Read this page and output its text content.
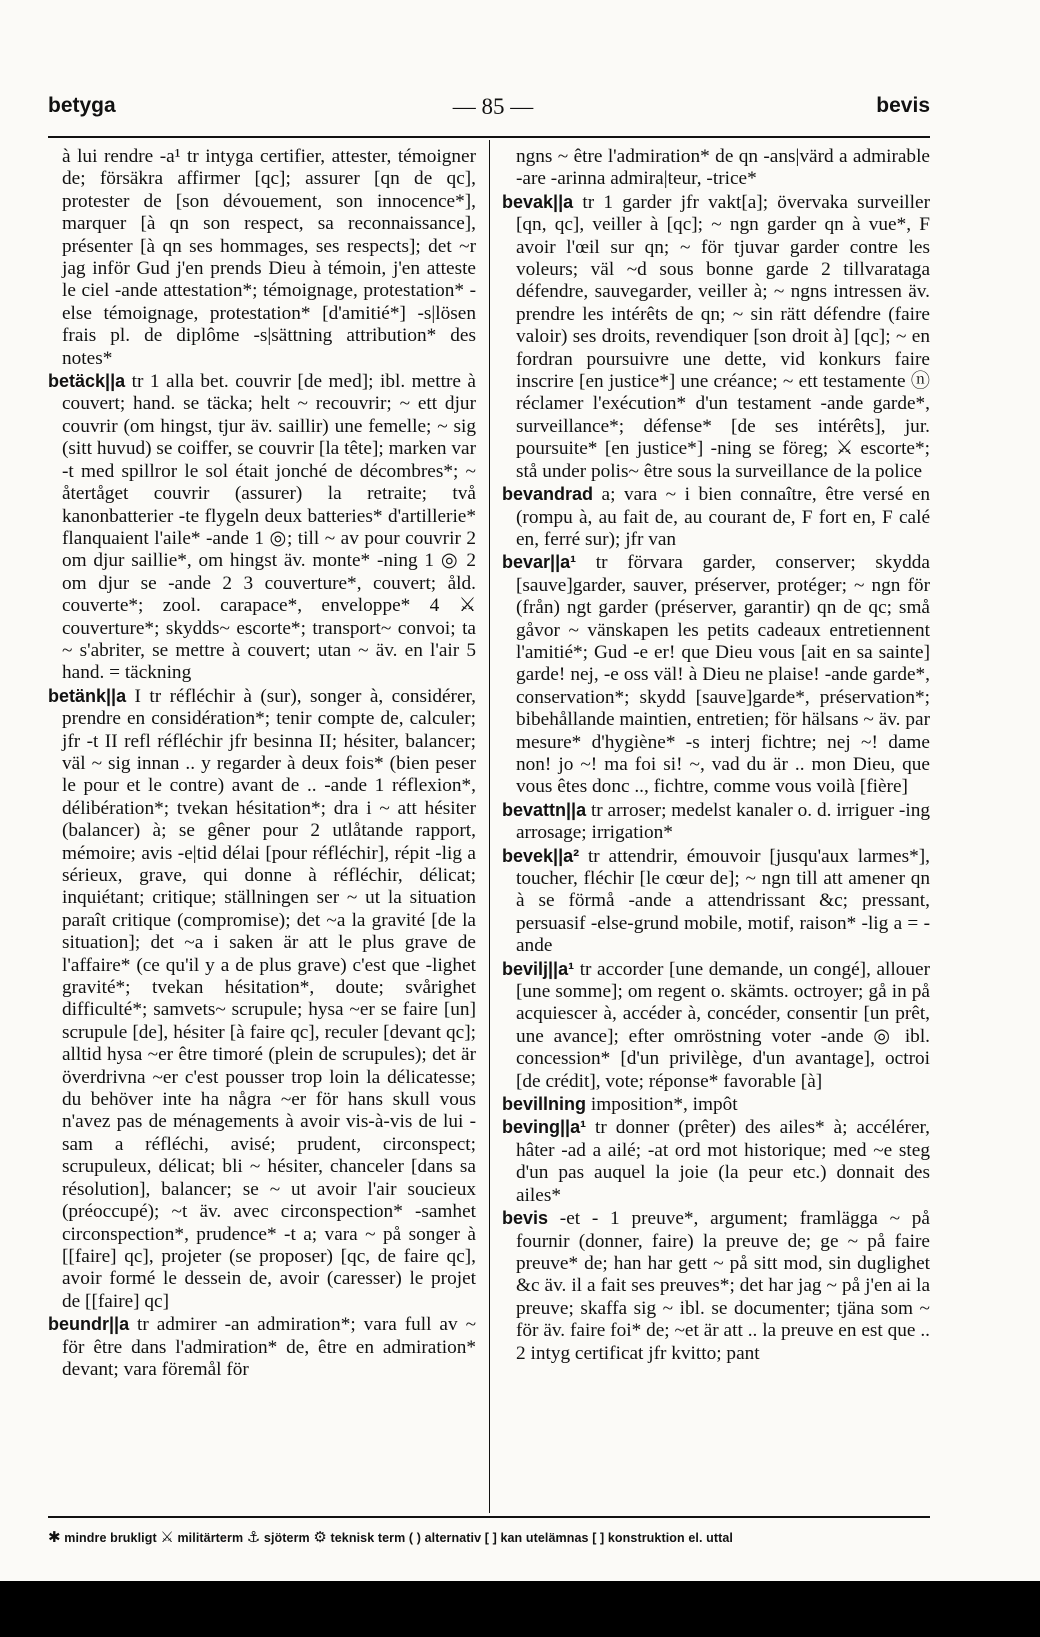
betyga	— 85 —	bevis

à lui rendre -a¹ tr intyga certifier, attester, témoigner de; försäkra affirmer [qc]; assurer [qn de qc], protester de [son dévouement, son innocence*], marquer [à qn son respect, sa reconnaissance], présenter [à qn ses hommages, ses respects]; det ~r jag inför Gud j'en prends Dieu à témoin, j'en atteste le ciel -ande attestation*; témoignage, protestation* -else témoignage, protestation* [d'amitié*] -s|lösen frais pl. de diplôme -s|sättning attribution* des notes*

betäck||a tr 1 alla bet. couvrir [de med]; ibl. mettre à couvert; hand. se täcka; helt ~ recouvrir; ~ ett djur couvrir (om hingst, tjur äv. saillir) une femelle; ~ sig (sitt huvud) se coiffer, se couvrir [la tête]; marken var -t med spillror le sol était jonché de décombres*; ~ återtåget couvrir (assurer) la retraite; två kanonbatterier -te flygeln deux batteries* d'artillerie* flanquaient l'aile* -ande 1 ◎; till ~ av pour couvrir 2 om djur saillie*, om hingst äv. monte* -ning 1 ◎ 2 om djur se -ande 2 3 couverture*, couvert; åld. couverte*; zool. carapace*, enveloppe* 4 ⚔ couverture*; skydds~ escorte*; transport~ convoi; ta ~ s'abriter, se mettre à couvert; utan ~ äv. en l'air 5 hand. = täckning

betänk||a I tr réfléchir à (sur), songer à, considérer, prendre en considération*; tenir compte de, calculer; jfr -t II refl réfléchir jfr besinna II; hésiter, balancer; väl ~ sig innan .. y regarder à deux fois* (bien peser le pour et le contre) avant de .. -ande 1 réflexion*, délibération*; tvekan hésitation*; dra i ~ att hésiter (balancer) à; se gêner pour 2 utlåtande rapport, mémoire; avis -e|tid délai [pour réfléchir], répit -lig a sérieux, grave, qui donne à réfléchir, délicat; inquiétant; critique; ställningen ser ~ ut la situation paraît critique (compromise); det ~a la gravité [de la situation]; det ~a i saken är att le plus grave de l'affaire* (ce qu'il y a de plus grave) c'est que -lighet gravité*; tvekan hésitation*, doute; svårighet difficulté*; samvets~ scrupule; hysa ~er se faire [un] scrupule [de], hésiter [à faire qc], reculer [devant qc]; alltid hysa ~er être timoré (plein de scrupules); det är överdrivna ~er c'est pousser trop loin la délicatesse; du behöver inte ha några ~er för hans skull vous n'avez pas de ménagements à avoir vis-à-vis de lui -sam a réfléchi, avisé; prudent, circonspect; scrupuleux, délicat; bli ~ hésiter, chanceler [dans sa résolution], balancer; se ~ ut avoir l'air soucieux (préoccupé); ~t äv. avec circonspection* -samhet circonspection*, prudence* -t a; vara ~ på songer à [[faire] qc], projeter (se proposer) [qc, de faire qc], avoir formé le dessein de, avoir (caresser) le projet de [[faire] qc]

beundr||a tr admirer -an admiration*; vara full av ~ för être dans l'admiration* de, être en admiration* devant; vara föremål för

ngns ~ être l'admiration* de qn -ans|värd a admirable -are -arinna admira|teur, -trice*

bevak||a tr 1 garder jfr vakt[a]; övervaka surveiller [qn, qc], veiller à [qc]; ~ ngn garder qn à vue*, F avoir l'œil sur qn; ~ för tjuvar garder contre les voleurs; väl ~d sous bonne garde 2 tillvarataga défendre, sauvegarder, veiller à; ~ ngns intressen äv. prendre les intérêts de qn; ~ sin rätt défendre (faire valoir) ses droits, revendiquer [son droit à] [qc]; ~ en fordran poursuivre une dette, vid konkurs faire inscrire [en justice*] une créance; ~ ett testamente ⓝ réclamer l'exécution* d'un testament -ande garde*, surveillance*; défense* [de ses intérêts], jur. poursuite* [en justice*] -ning se föreg; ⚔ escorte*; stå under polis~ être sous la surveillance de la police

bevandrad a; vara ~ i bien connaître, être versé en (rompu à, au fait de, au courant de, F fort en, F calé en, ferré sur); jfr van

bevar||a¹ tr förvara garder, conserver; skydda [sauve]garder, sauver, préserver, protéger; ~ ngn för (från) ngt garder (préserver, garantir) qn de qc; små gåvor ~ vänskapen les petits cadeaux entretiennent l'amitié*; Gud -e er! que Dieu vous [ait en sa sainte] garde! nej, -e oss väl! à Dieu ne plaise! -ande garde*, conservation*; skydd [sauve]garde*, préservation*; bibehållande maintien, entretien; för hälsans ~ äv. par mesure* d'hygiène* -s interj fichtre; nej ~! dame non! jo ~! ma foi si! ~, vad du är .. mon Dieu, que vous êtes donc .., fichtre, comme vous voilà [fière]

bevattn||a tr arroser; medelst kanaler o. d. irriguer -ing arrosage; irrigation*

bevek||a² tr attendrir, émouvoir [jusqu'aux larmes*], toucher, fléchir [le cœur de]; ~ ngn till att amener qn à se förmå -ande a attendrissant &c; pressant, persuasif -else-grund mobile, motif, raison* -lig a = -ande

bevilj||a¹ tr accorder [une demande, un congé], allouer [une somme]; om regent o. skämts. octroyer; gå in på acquiescer à, accéder à, concéder, consentir [un prêt, une avance]; efter omröstning voter -ande ◎ ibl. concession* [d'un privilège, d'un avantage], octroi [de crédit], vote; réponse* favorable [à]

bevillning imposition*, impôt

beving||a¹ tr donner (prêter) des ailes* à; accélérer, hâter -ad a ailé; -at ord mot historique; med ~e steg d'un pas auquel la joie (la peur etc.) donnait des ailes*

bevis -et - 1 preuve*, argument; framlägga ~ på fournir (donner, faire) la preuve de; ge ~ på faire preuve* de; han har gett ~ på sitt mod, sin duglighet &c äv. il a fait ses preuves*; det har jag ~ på j'en ai la preuve; skaffa sig ~ ibl. se documenter; tjäna som ~ för äv. faire foi* de; ~et är att .. la preuve en est que .. 2 intyg certificat jfr kvitto; pant

✱ mindre brukligt ⚔ militärterm ⚓ sjöterm ⚙ teknisk term ( ) alternativ [ ] kan utelämnas [ ] konstruktion el. uttal
